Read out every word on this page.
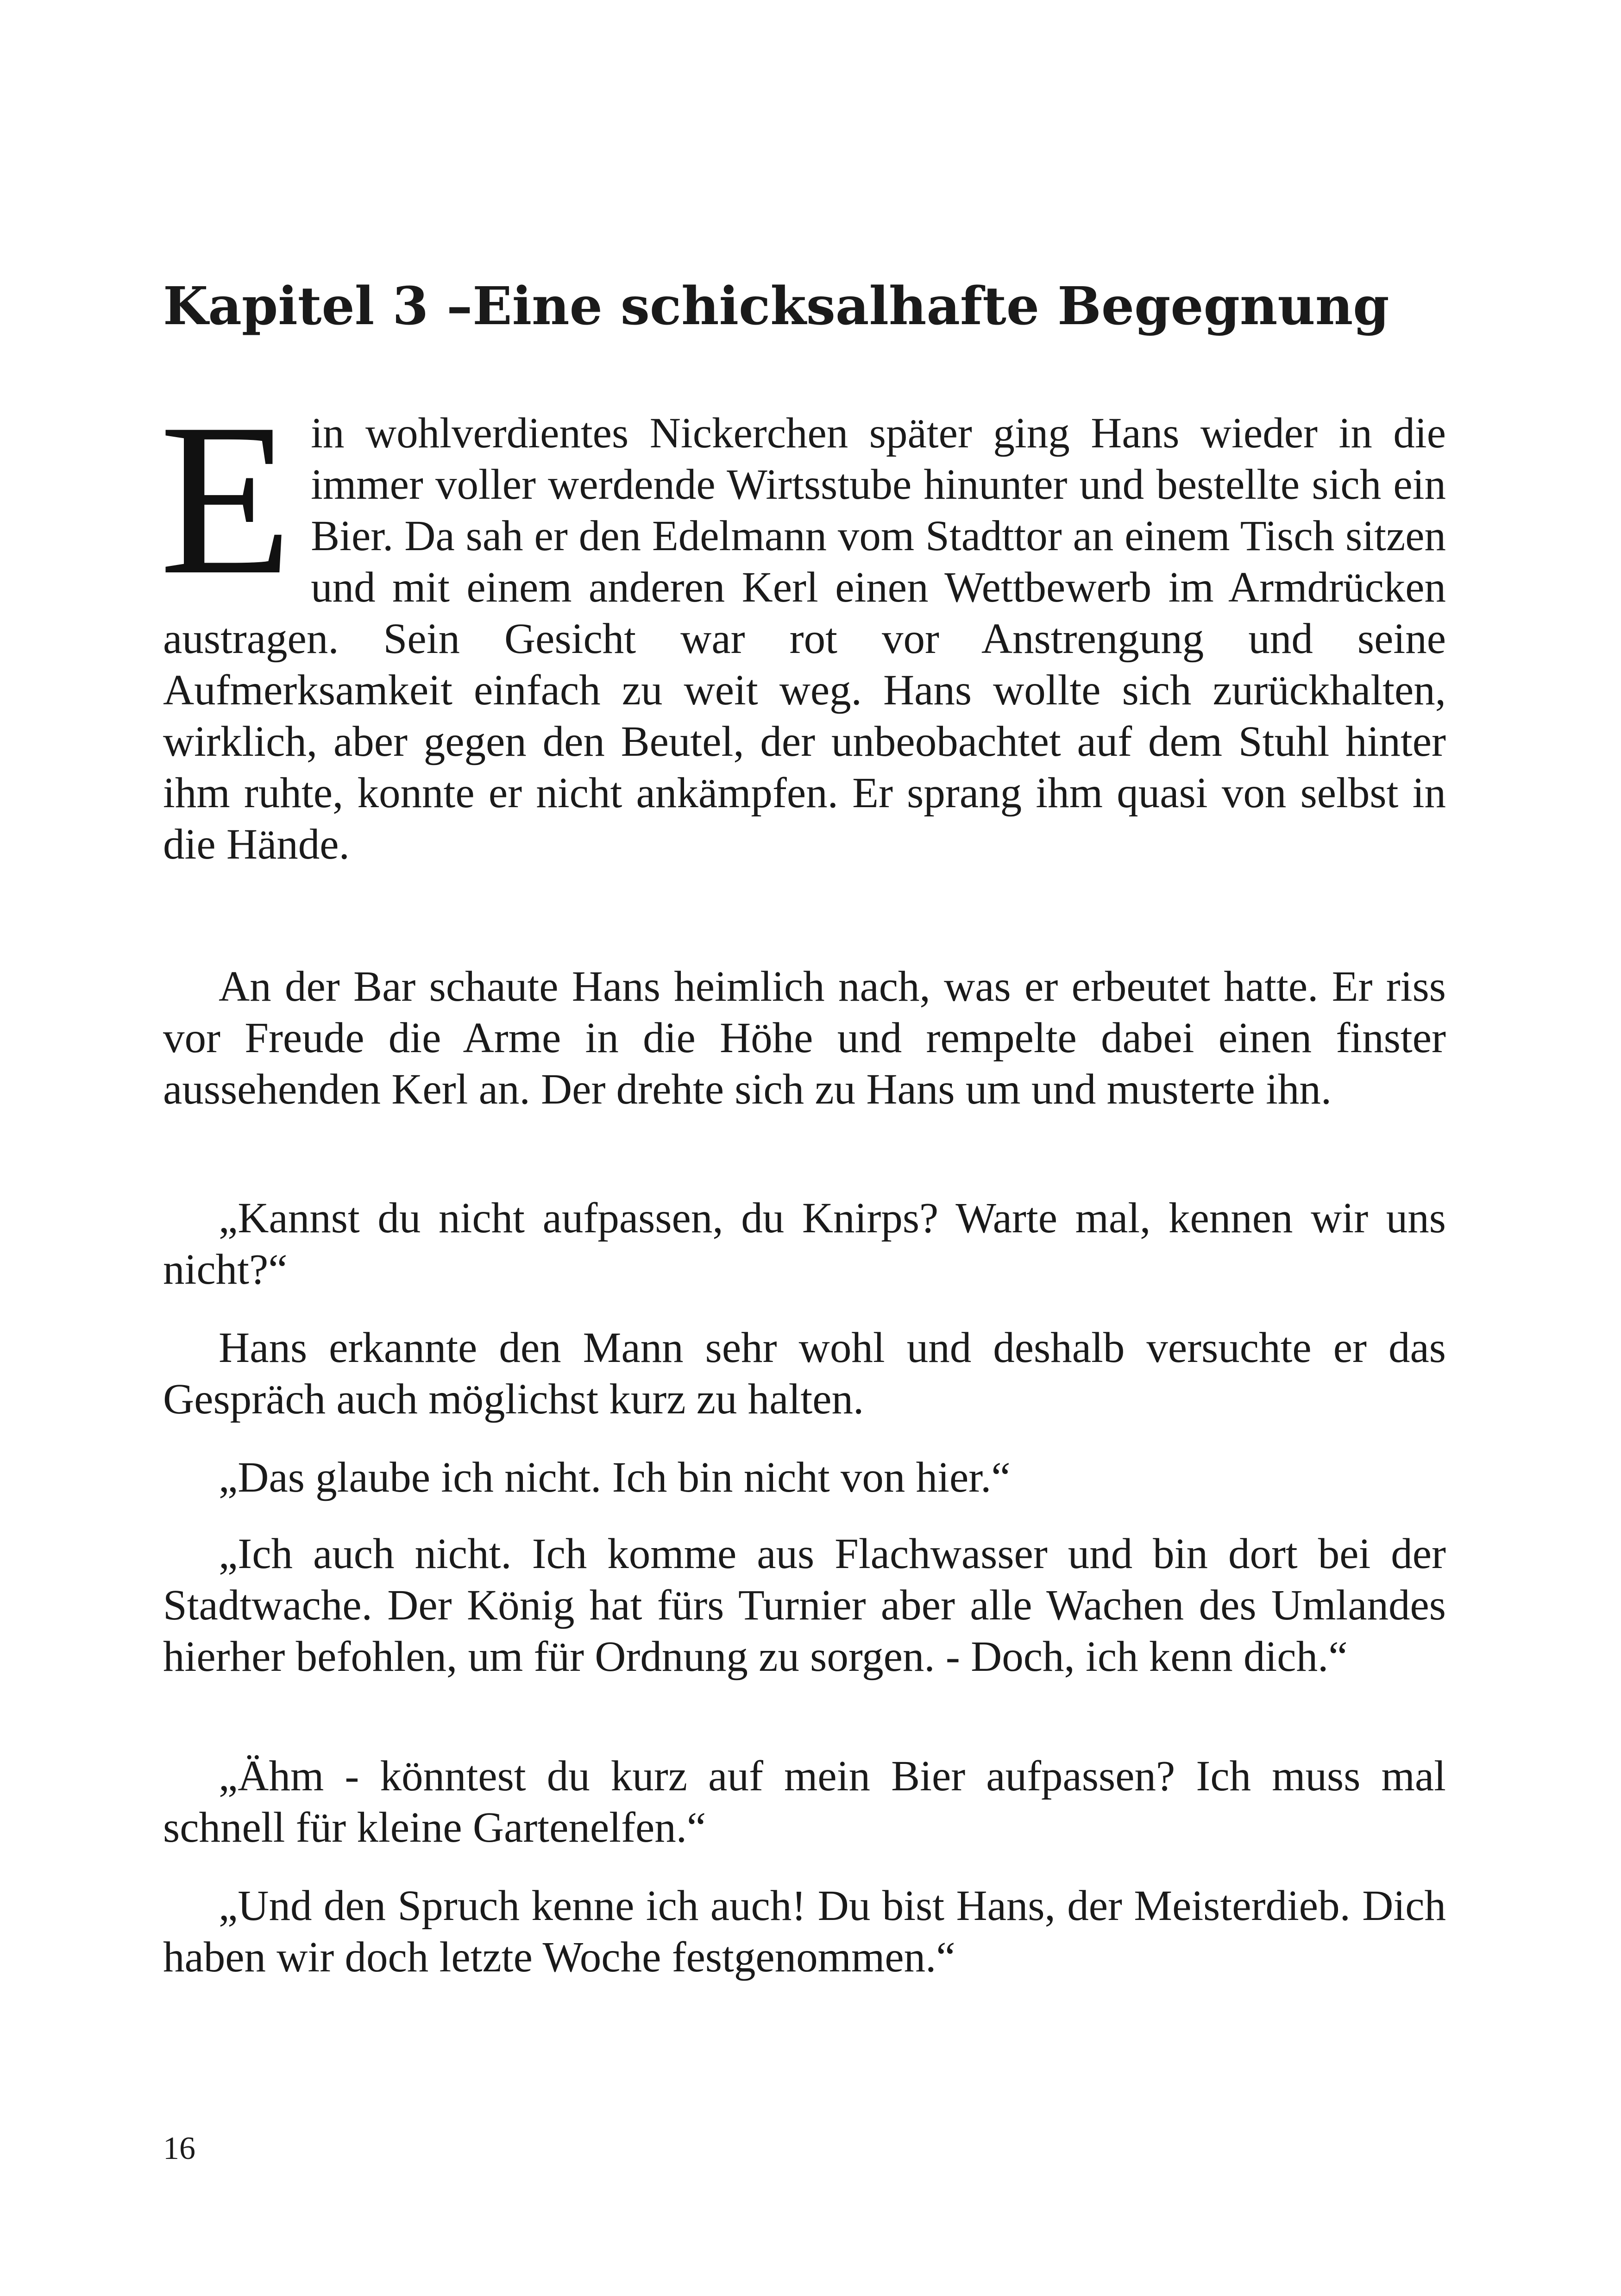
Kapitel 3 –Eine schicksalhafte Begegnung

Ein wohlverdientes Nickerchen später ging Hans wieder in die immer voller werdende Wirtsstube hinunter und bestellte sich ein Bier. Da sah er den Edelmann vom Stadttor an einem Tisch sitzen und mit einem anderen Kerl einen Wettbewerb im Armdrücken austragen. Sein Gesicht war rot vor Anstrengung und seine Aufmerksamkeit einfach zu weit weg. Hans wollte sich zurückhalten, wirklich, aber gegen den Beutel, der unbeobachtet auf dem Stuhl hinter ihm ruhte, konnte er nicht ankämpfen. Er sprang ihm quasi von selbst in die Hände.

An der Bar schaute Hans heimlich nach, was er erbeutet hatte. Er riss vor Freude die Arme in die Höhe und rempelte dabei einen finster aussehenden Kerl an. Der drehte sich zu Hans um und musterte ihn.

„Kannst du nicht aufpassen, du Knirps? Warte mal, kennen wir uns nicht?“

Hans erkannte den Mann sehr wohl und deshalb versuchte er das Gespräch auch möglichst kurz zu halten.

„Das glaube ich nicht. Ich bin nicht von hier.“

„Ich auch nicht. Ich komme aus Flachwasser und bin dort bei der Stadtwache. Der König hat fürs Turnier aber alle Wachen des Umlandes hierher befohlen, um für Ordnung zu sorgen. - Doch, ich kenn dich.“

„Ähm - könntest du kurz auf mein Bier aufpassen? Ich muss mal schnell für kleine Gartenelfen.“

„Und den Spruch kenne ich auch! Du bist Hans, der Meisterdieb. Dich haben wir doch letzte Woche festgenommen.“

16
